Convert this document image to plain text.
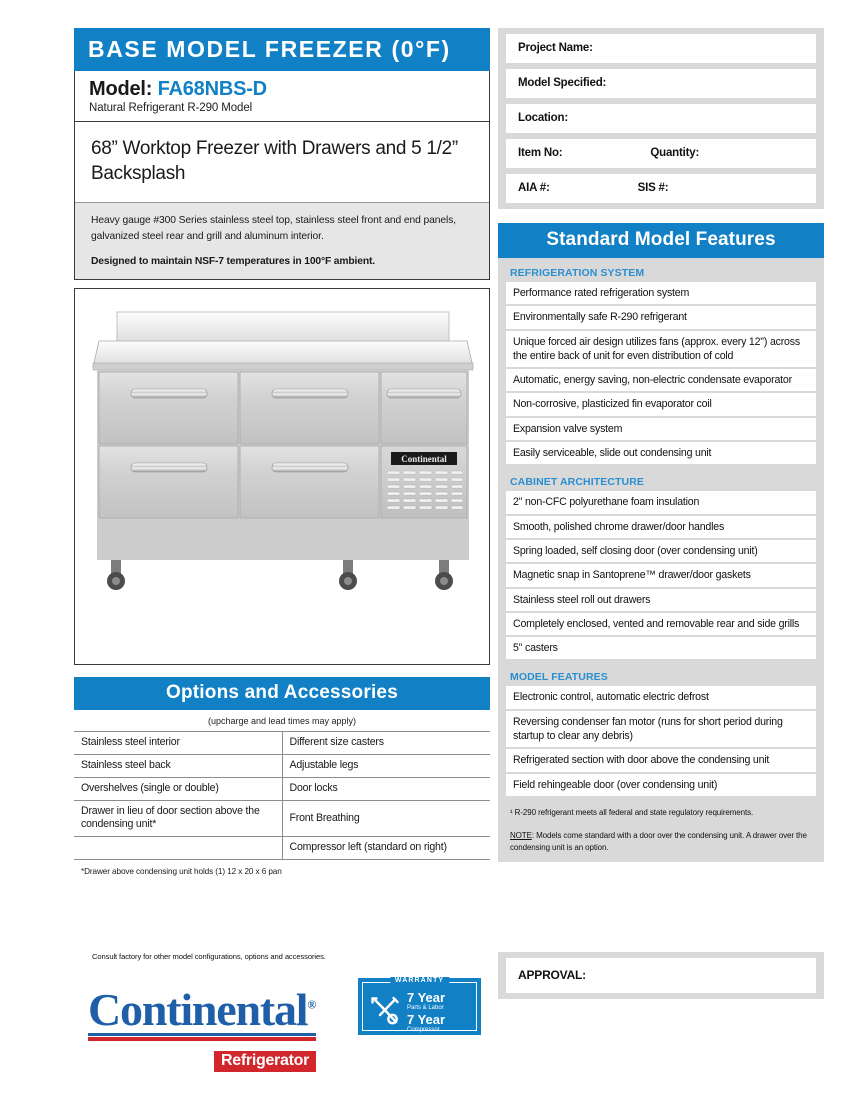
BASE MODEL FREEZER (0°F)
Model: FA68NBS-D
Natural Refrigerant R-290 Model
68” Worktop Freezer with Drawers and 5 1/2” Backsplash
Heavy gauge #300 Series stainless steel top, stainless steel front and end panels, galvanized steel rear and grill and aluminum interior.
Designed to maintain NSF-7 temperatures in 100°F ambient.
Continental
Options and Accessories
(upcharge and lead times may apply)
Stainless steel interior	Different size casters
Stainless steel back	Adjustable legs
Overshelves (single or double)	Door locks
Drawer in lieu of door section above the condensing unit*	Front Breathing
	Compressor left (standard on right)
*Drawer above condensing unit holds (1) 12 x 20 x 6 pan
Consult factory for other model configurations, options and accessories.
Continental®
Refrigerator
WARRANTY
7 Year
Parts & Labor
7 Year
Compressor
Project Name:
Model Specified:
Location:
Item No:	Quantity:
AIA #:	SIS #:
Standard Model Features
REFRIGERATION SYSTEM
Performance rated refrigeration system
Environmentally safe R-290 refrigerant
Unique forced air design utilizes fans (approx. every 12") across the entire back of unit for even distribution of cold
Automatic, energy saving, non-electric condensate evaporator
Non-corrosive, plasticized fin evaporator coil
Expansion valve system
Easily serviceable, slide out condensing unit
CABINET ARCHITECTURE
2" non-CFC polyurethane foam insulation
Smooth, polished chrome drawer/door handles
Spring loaded, self closing door (over condensing unit)
Magnetic snap in Santoprene™ drawer/door gaskets
Stainless steel roll out drawers
Completely enclosed, vented and removable rear and side grills
5" casters
MODEL FEATURES
Electronic control, automatic electric defrost
Reversing condenser fan motor (runs for short period during startup to clear any debris)
Refrigerated section with door above the condensing unit
Field rehingeable door (over condensing unit)
¹ R-290 refrigerant meets all federal and state regulatory requirements.
NOTE: Models come standard with a door over the condensing unit. A drawer over the condensing unit is an option.
APPROVAL:
